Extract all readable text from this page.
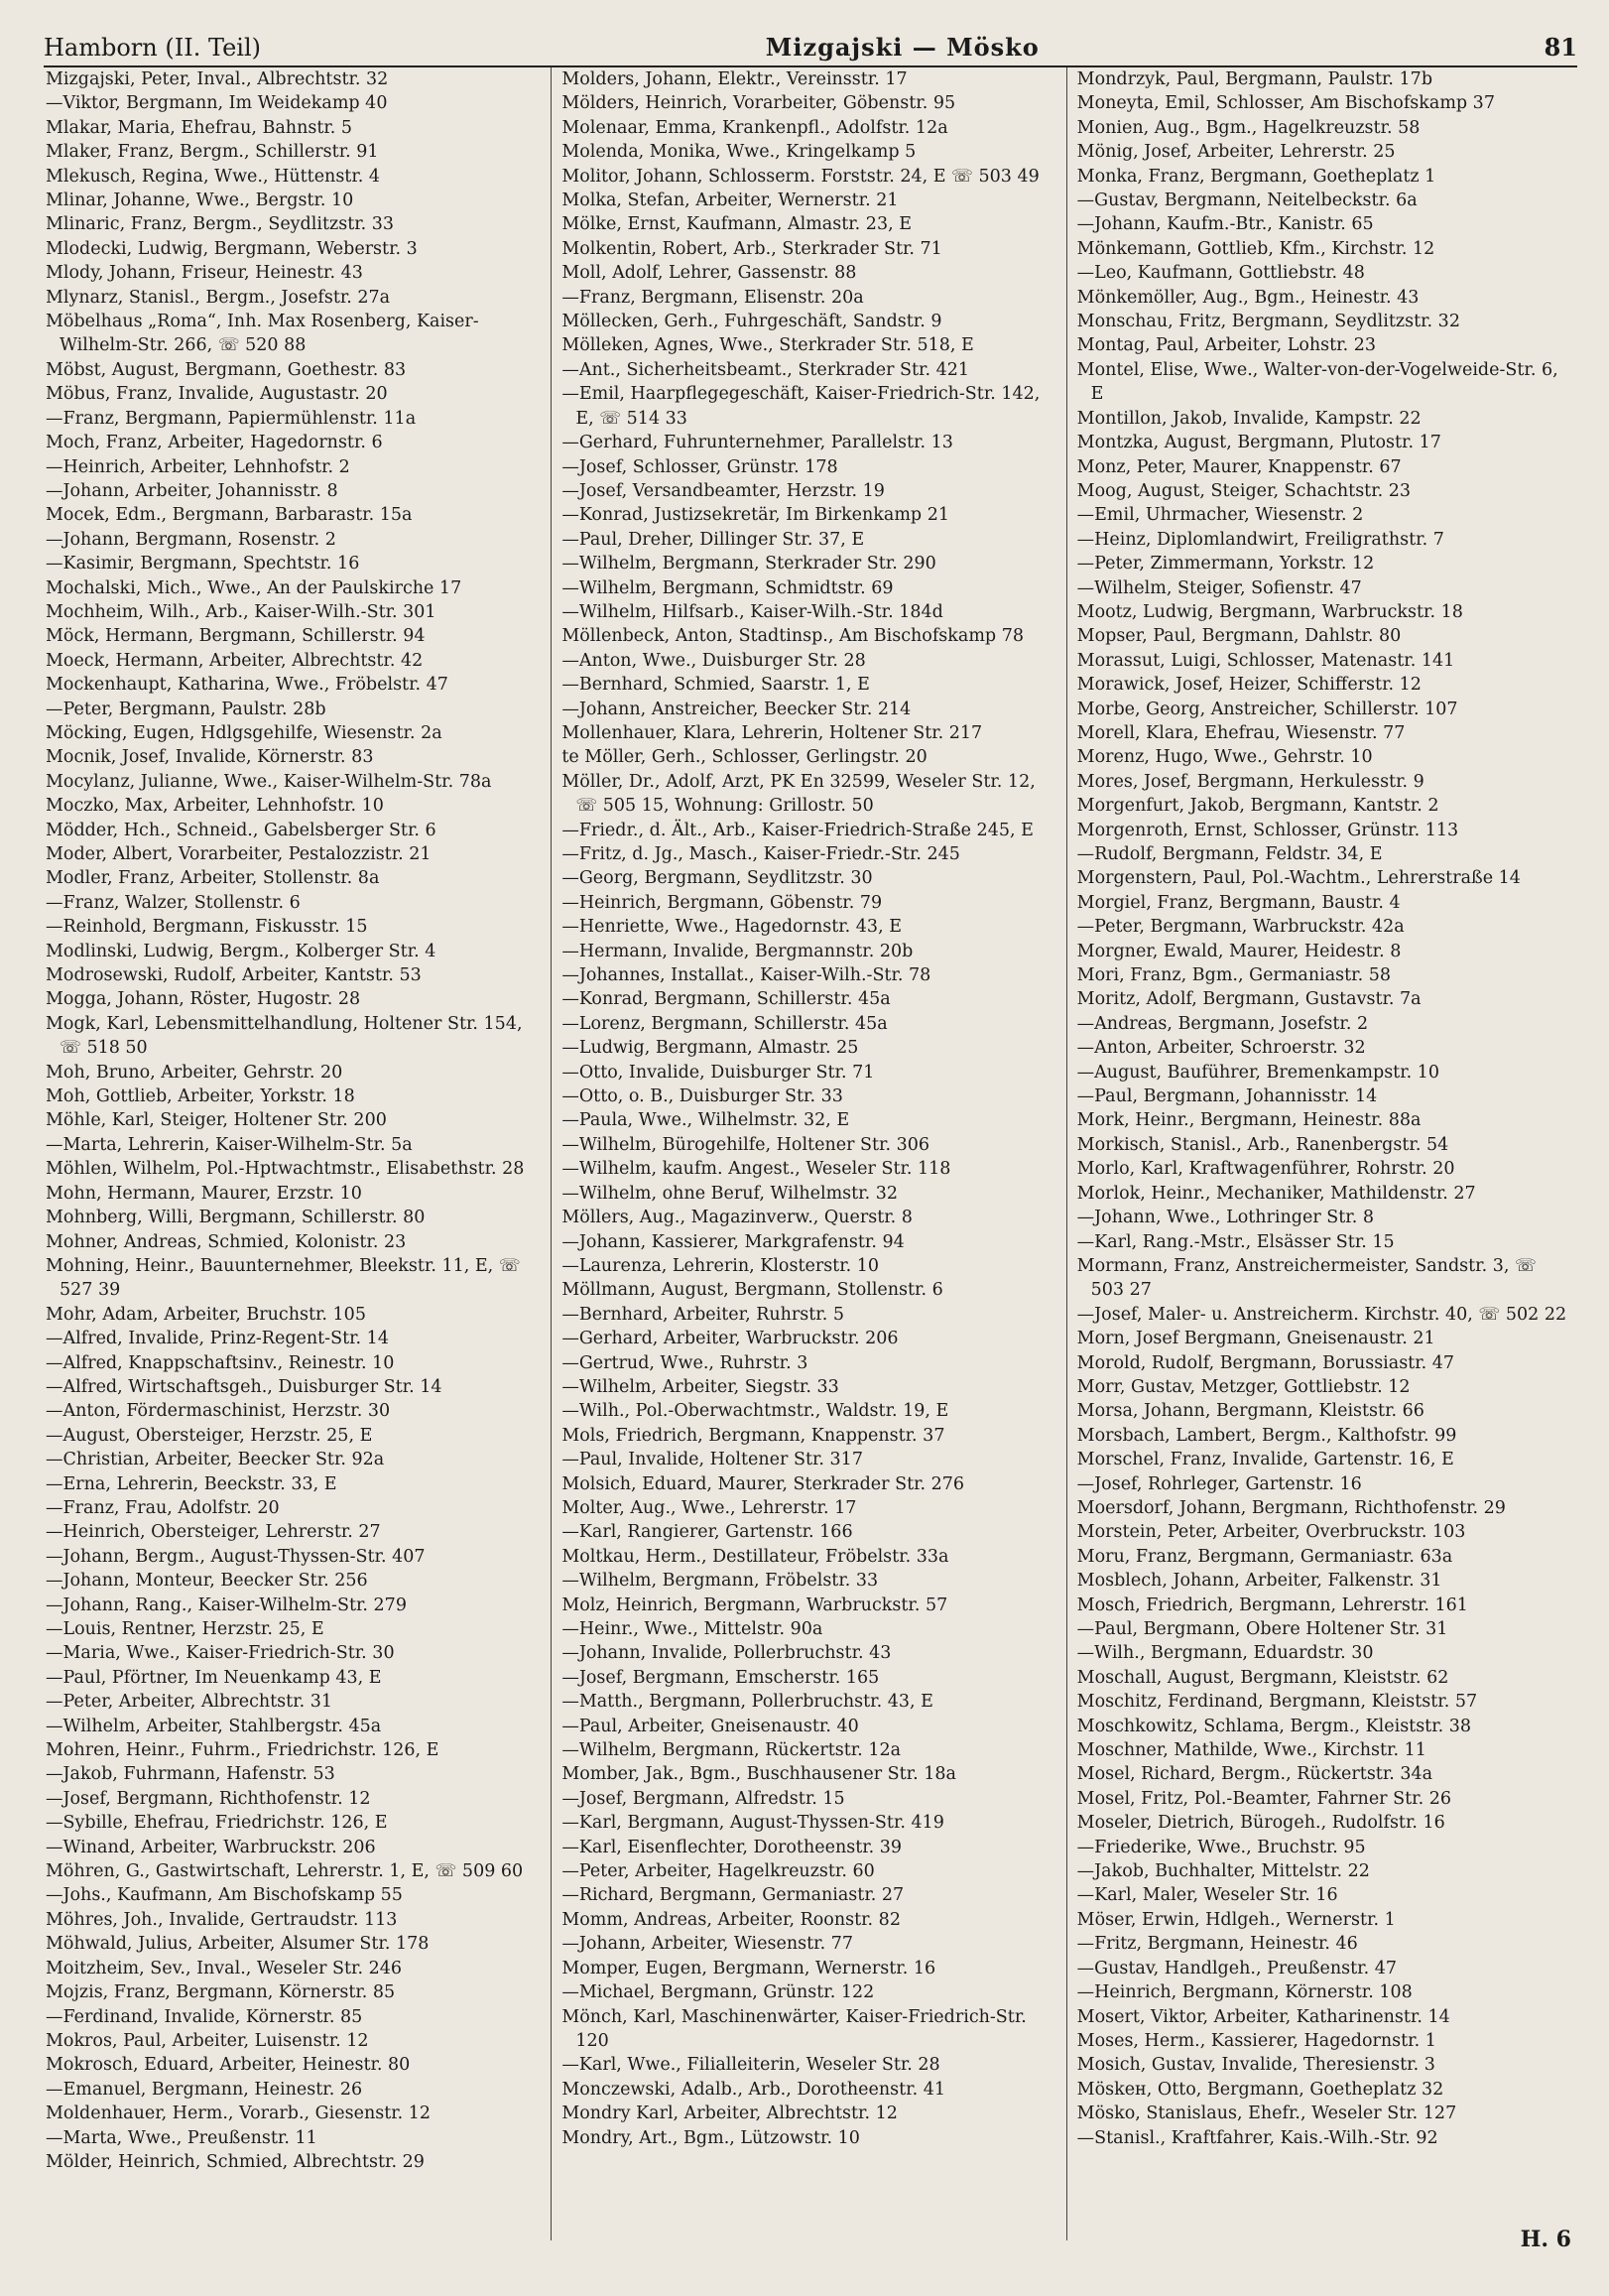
Hamborn (II. Teil)	Mizgajski — Mösko	81
Mizgajski, Peter, Inval., Albrechtstr. 32
—Viktor, Bergmann, Im Weidekamp 40
Mlakar, Maria, Ehefrau, Bahnstr. 5
Mlaker, Franz, Bergm., Schillerstr. 91
Mlekusch, Regina, Wwe., Hüttenstr. 4
Mlinar, Johanne, Wwe., Bergstr. 10
Mlinaric, Franz, Bergm., Seydlitzstr. 33
Mlodecki, Ludwig, Bergmann, Weberstr. 3
Mlody, Johann, Friseur, Heinestr. 43
Mlynarz, Stanisl., Bergm., Josefstr. 27a
Möbelhaus „Roma“, Inh. Max Rosenberg, Kaiser-Wilhelm-Str. 266, ☏ 520 88
Möbst, August, Bergmann, Goethestr. 83
Möbus, Franz, Invalide, Augustastr. 20
—Franz, Bergmann, Papiermühlenstr. 11a
Moch, Franz, Arbeiter, Hagedornstr. 6
—Heinrich, Arbeiter, Lehnhofstr. 2
—Johann, Arbeiter, Johannisstr. 8
Mocek, Edm., Bergmann, Barbarastr. 15a
—Johann, Bergmann, Rosenstr. 2
—Kasimir, Bergmann, Spechtstr. 16
Mochalski, Mich., Wwe., An der Paulskirche 17
Mochheim, Wilh., Arb., Kaiser-Wilh.-Str. 301
Möck, Hermann, Bergmann, Schillerstr. 94
Moeck, Hermann, Arbeiter, Albrechtstr. 42
Mockenhaupt, Katharina, Wwe., Fröbelstr. 47
—Peter, Bergmann, Paulstr. 28b
Möcking, Eugen, Hdlgsgehilfe, Wiesenstr. 2a
Mocnik, Josef, Invalide, Körnerstr. 83
Mocylanz, Julianne, Wwe., Kaiser-Wilhelm-Str. 78a
Moczko, Max, Arbeiter, Lehnhofstr. 10
Mödder, Hch., Schneid., Gabelsberger Str. 6
Moder, Albert, Vorarbeiter, Pestalozzistr. 21
Modler, Franz, Arbeiter, Stollenstr. 8a
—Franz, Walzer, Stollenstr. 6
—Reinhold, Bergmann, Fiskusstr. 15
Modlinski, Ludwig, Bergm., Kolberger Str. 4
Modrosewski, Rudolf, Arbeiter, Kantstr. 53
Mogga, Johann, Röster, Hugostr. 28
Mogk, Karl, Lebensmittelhandlung, Holtener Str. 154, ☏ 518 50
Moh, Bruno, Arbeiter, Gehrstr. 20
Moh, Gottlieb, Arbeiter, Yorkstr. 18
Möhle, Karl, Steiger, Holtener Str. 200
—Marta, Lehrerin, Kaiser-Wilhelm-Str. 5a
Möhlen, Wilhelm, Pol.-Hptwachtmstr., Elisabethstr. 28
Mohn, Hermann, Maurer, Erzstr. 10
Mohnberg, Willi, Bergmann, Schillerstr. 80
Mohner, Andreas, Schmied, Kolonistr. 23
Mohning, Heinr., Bauunternehmer, Bleekstr. 11, E, ☏ 527 39
Mohr, Adam, Arbeiter, Bruchstr. 105
—Alfred, Invalide, Prinz-Regent-Str. 14
—Alfred, Knappschaftsinv., Reinestr. 10
—Alfred, Wirtschaftsgeh., Duisburger Str. 14
—Anton, Fördermaschinist, Herzstr. 30
—August, Obersteiger, Herzstr. 25, E
—Christian, Arbeiter, Beecker Str. 92a
—Erna, Lehrerin, Beeckstr. 33, E
—Franz, Frau, Adolfstr. 20
—Heinrich, Obersteiger, Lehrerstr. 27
—Johann, Bergm., August-Thyssen-Str. 407
—Johann, Monteur, Beecker Str. 256
—Johann, Rang., Kaiser-Wilhelm-Str. 279
—Louis, Rentner, Herzstr. 25, E
—Maria, Wwe., Kaiser-Friedrich-Str. 30
—Paul, Pförtner, Im Neuenkamp 43, E
—Peter, Arbeiter, Albrechtstr. 31
—Wilhelm, Arbeiter, Stahlbergstr. 45a
Mohren, Heinr., Fuhrm., Friedrichstr. 126, E
—Jakob, Fuhrmann, Hafenstr. 53
—Josef, Bergmann, Richthofenstr. 12
—Sybille, Ehefrau, Friedrichstr. 126, E
—Winand, Arbeiter, Warbruckstr. 206
Möhren, G., Gastwirtschaft, Lehrerstr. 1, E, ☏ 509 60
—Johs., Kaufmann, Am Bischofskamp 55
Möhres, Joh., Invalide, Gertraudstr. 113
Möhwald, Julius, Arbeiter, Alsumer Str. 178
Moitzheim, Sev., Inval., Weseler Str. 246
Mojzis, Franz, Bergmann, Körnerstr. 85
—Ferdinand, Invalide, Körnerstr. 85
Mokros, Paul, Arbeiter, Luisenstr. 12
Mokrosch, Eduard, Arbeiter, Heinestr. 80
—Emanuel, Bergmann, Heinestr. 26
Moldenhauer, Herm., Vorarb., Giesenstr. 12
—Marta, Wwe., Preußenstr. 11
Mölder, Heinrich, Schmied, Albrechtstr. 29
Molders, Johann, Elektr., Vereinsstr. 17
Mölders, Heinrich, Vorarbeiter, Göbenstr. 95
Molenaar, Emma, Krankenpfl., Adolfstr. 12a
Molenda, Monika, Wwe., Kringelkamp 5
Molitor, Johann, Schlosserm. Forststr. 24, E ☏ 503 49
Molka, Stefan, Arbeiter, Wernerstr. 21
Mölke, Ernst, Kaufmann, Almastr. 23, E
Molkentin, Robert, Arb., Sterkrader Str. 71
Moll, Adolf, Lehrer, Gassenstr. 88
—Franz, Bergmann, Elisenstr. 20a
Möllecken, Gerh., Fuhrgeschäft, Sandstr. 9
Mölleken, Agnes, Wwe., Sterkrader Str. 518, E
—Ant., Sicherheitsbeamt., Sterkrader Str. 421
—Emil, Haarpflegegeschäft, Kaiser-Friedrich-Str. 142, E, ☏ 514 33
—Gerhard, Fuhrunternehmer, Parallelstr. 13
—Josef, Schlosser, Grünstr. 178
—Josef, Versandbeamter, Herzstr. 19
—Konrad, Justizsekretär, Im Birkenkamp 21
—Paul, Dreher, Dillinger Str. 37, E
—Wilhelm, Bergmann, Sterkrader Str. 290
—Wilhelm, Bergmann, Schmidtstr. 69
—Wilhelm, Hilfsarb., Kaiser-Wilh.-Str. 184d
Möllenbeck, Anton, Stadtinsp., Am Bischofskamp 78
—Anton, Wwe., Duisburger Str. 28
—Bernhard, Schmied, Saarstr. 1, E
—Johann, Anstreicher, Beecker Str. 214
Mollenhauer, Klara, Lehrerin, Holtener Str. 217
te Möller, Gerh., Schlosser, Gerlingstr. 20
Möller, Dr., Adolf, Arzt, PK En 32599, Weseler Str. 12, ☏ 505 15, Wohnung: Grillostr. 50
—Friedr., d. Ält., Arb., Kaiser-Friedrich-Straße 245, E
—Fritz, d. Jg., Masch., Kaiser-Friedr.-Str. 245
—Georg, Bergmann, Seydlitzstr. 30
—Heinrich, Bergmann, Göbenstr. 79
—Henriette, Wwe., Hagedornstr. 43, E
—Hermann, Invalide, Bergmannstr. 20b
—Johannes, Installat., Kaiser-Wilh.-Str. 78
—Konrad, Bergmann, Schillerstr. 45a
—Lorenz, Bergmann, Schillerstr. 45a
—Ludwig, Bergmann, Almastr. 25
—Otto, Invalide, Duisburger Str. 71
—Otto, o. B., Duisburger Str. 33
—Paula, Wwe., Wilhelmstr. 32, E
—Wilhelm, Bürogehilfe, Holtener Str. 306
—Wilhelm, kaufm. Angest., Weseler Str. 118
—Wilhelm, ohne Beruf, Wilhelmstr. 32
Möllers, Aug., Magazinverw., Querstr. 8
—Johann, Kassierer, Markgrafenstr. 94
—Laurenza, Lehrerin, Klosterstr. 10
Möllmann, August, Bergmann, Stollenstr. 6
—Bernhard, Arbeiter, Ruhrstr. 5
—Gerhard, Arbeiter, Warbruckstr. 206
—Gertrud, Wwe., Ruhrstr. 3
—Wilhelm, Arbeiter, Siegstr. 33
—Wilh., Pol.-Oberwachtmstr., Waldstr. 19, E
Mols, Friedrich, Bergmann, Knappenstr. 37
—Paul, Invalide, Holtener Str. 317
Molsich, Eduard, Maurer, Sterkrader Str. 276
Molter, Aug., Wwe., Lehrerstr. 17
—Karl, Rangierer, Gartenstr. 166
Moltkau, Herm., Destillateur, Fröbelstr. 33a
—Wilhelm, Bergmann, Fröbelstr. 33
Molz, Heinrich, Bergmann, Warbruckstr. 57
—Heinr., Wwe., Mittelstr. 90a
—Johann, Invalide, Pollerbruchstr. 43
—Josef, Bergmann, Emscherstr. 165
—Matth., Bergmann, Pollerbruchstr. 43, E
—Paul, Arbeiter, Gneisenaustr. 40
—Wilhelm, Bergmann, Rückertstr. 12a
Momber, Jak., Bgm., Buschhausener Str. 18a
—Josef, Bergmann, Alfredstr. 15
—Karl, Bergmann, August-Thyssen-Str. 419
—Karl, Eisenflechter, Dorotheenstr. 39
—Peter, Arbeiter, Hagelkreuzstr. 60
—Richard, Bergmann, Germaniastr. 27
Momm, Andreas, Arbeiter, Roonstr. 82
—Johann, Arbeiter, Wiesenstr. 77
Momper, Eugen, Bergmann, Wernerstr. 16
—Michael, Bergmann, Grünstr. 122
Mönch, Karl, Maschinenwärter, Kaiser-Friedrich-Str. 120
—Karl, Wwe., Filialleiterin, Weseler Str. 28
Monczewski, Adalb., Arb., Dorotheenstr. 41
Mondry Karl, Arbeiter, Albrechtstr. 12
Mondry, Art., Bgm., Lützowstr. 10
Mondrzyk, Paul, Bergmann, Paulstr. 17b
Moneyta, Emil, Schlosser, Am Bischofskamp 37
Monien, Aug., Bgm., Hagelkreuzstr. 58
Mönig, Josef, Arbeiter, Lehrerstr. 25
Monka, Franz, Bergmann, Goetheplatz 1
—Gustav, Bergmann, Neitelbeckstr. 6a
—Johann, Kaufm.-Btr., Kanistr. 65
Mönkemann, Gottlieb, Kfm., Kirchstr. 12
—Leo, Kaufmann, Gottliebstr. 48
Mönkemöller, Aug., Bgm., Heinestr. 43
Monschau, Fritz, Bergmann, Seydlitzstr. 32
Montag, Paul, Arbeiter, Lohstr. 23
Montel, Elise, Wwe., Walter-von-der-Vogelweide-Str. 6, E
Montillon, Jakob, Invalide, Kampstr. 22
Montzka, August, Bergmann, Plutostr. 17
Monz, Peter, Maurer, Knappenstr. 67
Moog, August, Steiger, Schachtstr. 23
—Emil, Uhrmacher, Wiesenstr. 2
—Heinz, Diplomlandwirt, Freiligrathstr. 7
—Peter, Zimmermann, Yorkstr. 12
—Wilhelm, Steiger, Sofienstr. 47
Mootz, Ludwig, Bergmann, Warbruckstr. 18
Mopser, Paul, Bergmann, Dahlstr. 80
Morassut, Luigi, Schlosser, Matenastr. 141
Morawick, Josef, Heizer, Schifferstr. 12
Morbe, Georg, Anstreicher, Schillerstr. 107
Morell, Klara, Ehefrau, Wiesenstr. 77
Morenz, Hugo, Wwe., Gehrstr. 10
Mores, Josef, Bergmann, Herkulesstr. 9
Morgenfurt, Jakob, Bergmann, Kantstr. 2
Morgenroth, Ernst, Schlosser, Grünstr. 113
—Rudolf, Bergmann, Feldstr. 34, E
Morgenstern, Paul, Pol.-Wachtm., Lehrerstraße 14
Morgiel, Franz, Bergmann, Baustr. 4
—Peter, Bergmann, Warbruckstr. 42a
Morgner, Ewald, Maurer, Heidestr. 8
Mori, Franz, Bgm., Germaniastr. 58
Moritz, Adolf, Bergmann, Gustavstr. 7a
—Andreas, Bergmann, Josefstr. 2
—Anton, Arbeiter, Schroerstr. 32
—August, Bauführer, Bremenkampstr. 10
—Paul, Bergmann, Johannisstr. 14
Mork, Heinr., Bergmann, Heinestr. 88a
Morkisch, Stanisl., Arb., Ranenbergstr. 54
Morlo, Karl, Kraftwagenführer, Rohrstr. 20
Morlok, Heinr., Mechaniker, Mathildenstr. 27
—Johann, Wwe., Lothringer Str. 8
—Karl, Rang.-Mstr., Elsässer Str. 15
Mormann, Franz, Anstreichermeister, Sandstr. 3, ☏ 503 27
—Josef, Maler- u. Anstreicherm. Kirchstr. 40, ☏ 502 22
Morn, Josef Bergmann, Gneisenaustr. 21
Morold, Rudolf, Bergmann, Borussiastr. 47
Morr, Gustav, Metzger, Gottliebstr. 12
Morsa, Johann, Bergmann, Kleiststr. 66
Morsbach, Lambert, Bergm., Kalthofstr. 99
Morschel, Franz, Invalide, Gartenstr. 16, E
—Josef, Rohrleger, Gartenstr. 16
Moersdorf, Johann, Bergmann, Richthofenstr. 29
Morstein, Peter, Arbeiter, Overbruckstr. 103
Moru, Franz, Bergmann, Germaniastr. 63a
Mosblech, Johann, Arbeiter, Falkenstr. 31
Mosch, Friedrich, Bergmann, Lehrerstr. 161
—Paul, Bergmann, Obere Holtener Str. 31
—Wilh., Bergmann, Eduardstr. 30
Moschall, August, Bergmann, Kleiststr. 62
Moschitz, Ferdinand, Bergmann, Kleiststr. 57
Moschkowitz, Schlama, Bergm., Kleiststr. 38
Moschner, Mathilde, Wwe., Kirchstr. 11
Mosel, Richard, Bergm., Rückertstr. 34a
Mosel, Fritz, Pol.-Beamter, Fahrner Str. 26
Moseler, Dietrich, Bürogeh., Rudolfstr. 16
—Friederike, Wwe., Bruchstr. 95
—Jakob, Buchhalter, Mittelstr. 22
—Karl, Maler, Weseler Str. 16
Möser, Erwin, Hdlgeh., Wernerstr. 1
—Fritz, Bergmann, Heinestr. 46
—Gustav, Handlgeh., Preußenstr. 47
—Heinrich, Bergmann, Körnerstr. 108
Mosert, Viktor, Arbeiter, Katharinenstr. 14
Moses, Herm., Kassierer, Hagedornstr. 1
Mosich, Gustav, Invalide, Theresienstr. 3
Möskeн, Otto, Bergmann, Goetheplatz 32
Mösko, Stanislaus, Ehefr., Weseler Str. 127
—Stanisl., Kraftfahrer, Kais.-Wilh.-Str. 92
H. 6
